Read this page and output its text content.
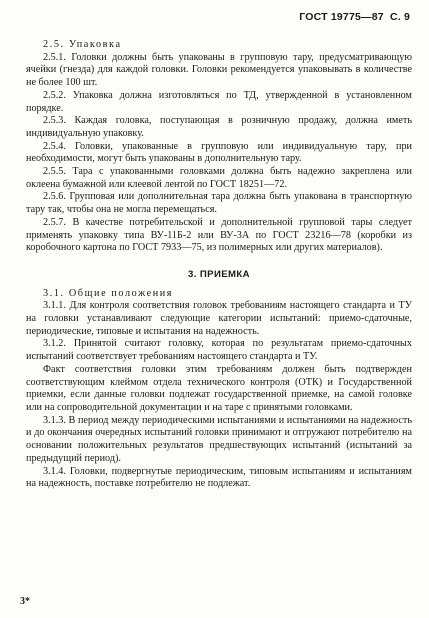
ГОСТ 19775—87 С. 9

2.5. Упаковка

2.5.1. Головки должны быть упакованы в групповую тару, предусматривающую ячейки (гнезда) для каждой головки. Головки рекомендуется упаковывать в количестве не более 100 шт.

2.5.2. Упаковка должна изготовляться по ТД, утвержденной в установленном порядке.

2.5.3. Каждая головка, поступающая в розничную продажу, должна иметь индивидуальную упаковку.

2.5.4. Головки, упакованные в групповую или индивидуальную тару, при необходимости, могут быть упакованы в дополнительную тару.

2.5.5. Тара с упакованными головками должна быть надежно закреплена или оклеена бумажной или клеевой лентой по ГОСТ 18251—72.

2.5.6. Групповая или дополнительная тара должна быть упакована в транспортную тару так, чтобы она не могла перемещаться.

2.5.7. В качестве потребительской и дополнительной групповой тары следует применять упаковку типа ВУ-11Б-2 или ВУ-3А по ГОСТ 23216—78 (коробки из коробочного картона по ГОСТ 7933—75, из полимерных или других материалов).

3. ПРИЕМКА

3.1. Общие положения

3.1.1. Для контроля соответствия головок требованиям настоящего стандарта и ТУ на головки устанавливают следующие категории испытаний: приемо-сдаточные, периодические, типовые и испытания на надежность.

3.1.2. Принятой считают головку, которая по результатам приемо-сдаточных испытаний соответствует требованиям настоящего стандарта и ТУ.

Факт соответствия головки этим требованиям должен быть подтвержден соответствующим клеймом отдела технического контроля (ОТК) и Государственной приемки, если данные головки подлежат государственной приемке, на самой головке или на сопроводительной документации и на таре с принятыми головками.

3.1.3. В период между периодическими испытаниями и испытаниями на надежность и до окончания очередных испытаний головки принимают и отгружают потребителю на основании положительных результатов предшествующих испытаний (испытаний за предыдущий период).

3.1.4. Головки, подвергнутые периодическим, типовым испытаниям и испытаниям на надежность, поставке потребителю не подлежат.

3*
